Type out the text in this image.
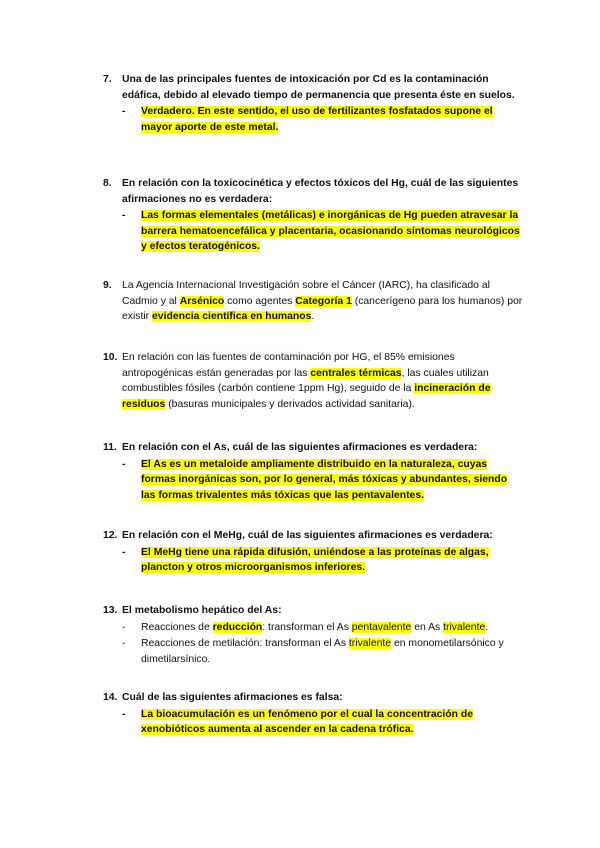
7. Una de las principales fuentes de intoxicación por Cd es la contaminación edáfica, debido al elevado tiempo de permanencia que presenta éste en suelos.
-	Verdadero. En este sentido, el uso de fertilizantes fosfatados supone el mayor aporte de este metal.
8. En relación con la toxicocinética y efectos tóxicos del Hg, cuál de las siguientes afirmaciones no es verdadera:
-	Las formas elementales (metálicas) e inorgánicas de Hg pueden atravesar la barrera hematoencefálica y placentaria, ocasionando síntomas neurológicos y efectos teratogénicos.
9. La Agencia Internacional Investigación sobre el Cáncer (IARC), ha clasificado al Cadmio y al Arsénico como agentes Categoría 1 (cancerígeno para los humanos) por existir evidencia científica en humanos.
10. En relación con las fuentes de contaminación por HG, el 85% emisiones antropogénicas están generadas por las centrales térmicas, las cuales utilizan combustibles fósiles (carbón contiene 1ppm Hg), seguido de la incineración de residuos (basuras municipales y derivados actividad sanitaria).
11. En relación con el As, cuál de las siguientes afirmaciones es verdadera:
-	El As es un metaloide ampliamente distribuido en la naturaleza, cuyas formas inorgánicas son, por lo general, más tóxicas y abundantes, siendo las formas trivalentes más tóxicas que las pentavalentes.
12. En relación con el MeHg, cuál de las siguientes afirmaciones es verdadera:
-	El MeHg tiene una rápida difusión, uniéndose a las proteínas de algas, plancton y otros microorganismos inferiores.
13. El metabolismo hepático del As:
-	Reacciones de reducción: transforman el As pentavalente en As trivalente.
-	Reacciones de metilación: transforman el As trivalente en monometilarsónico y dimetilarsínico.
14. Cuál de las siguientes afirmaciones es falsa:
-	La bioacumulación es un fenómeno por el cual la concentración de xenobióticos aumenta al ascender en la cadena trófica.
